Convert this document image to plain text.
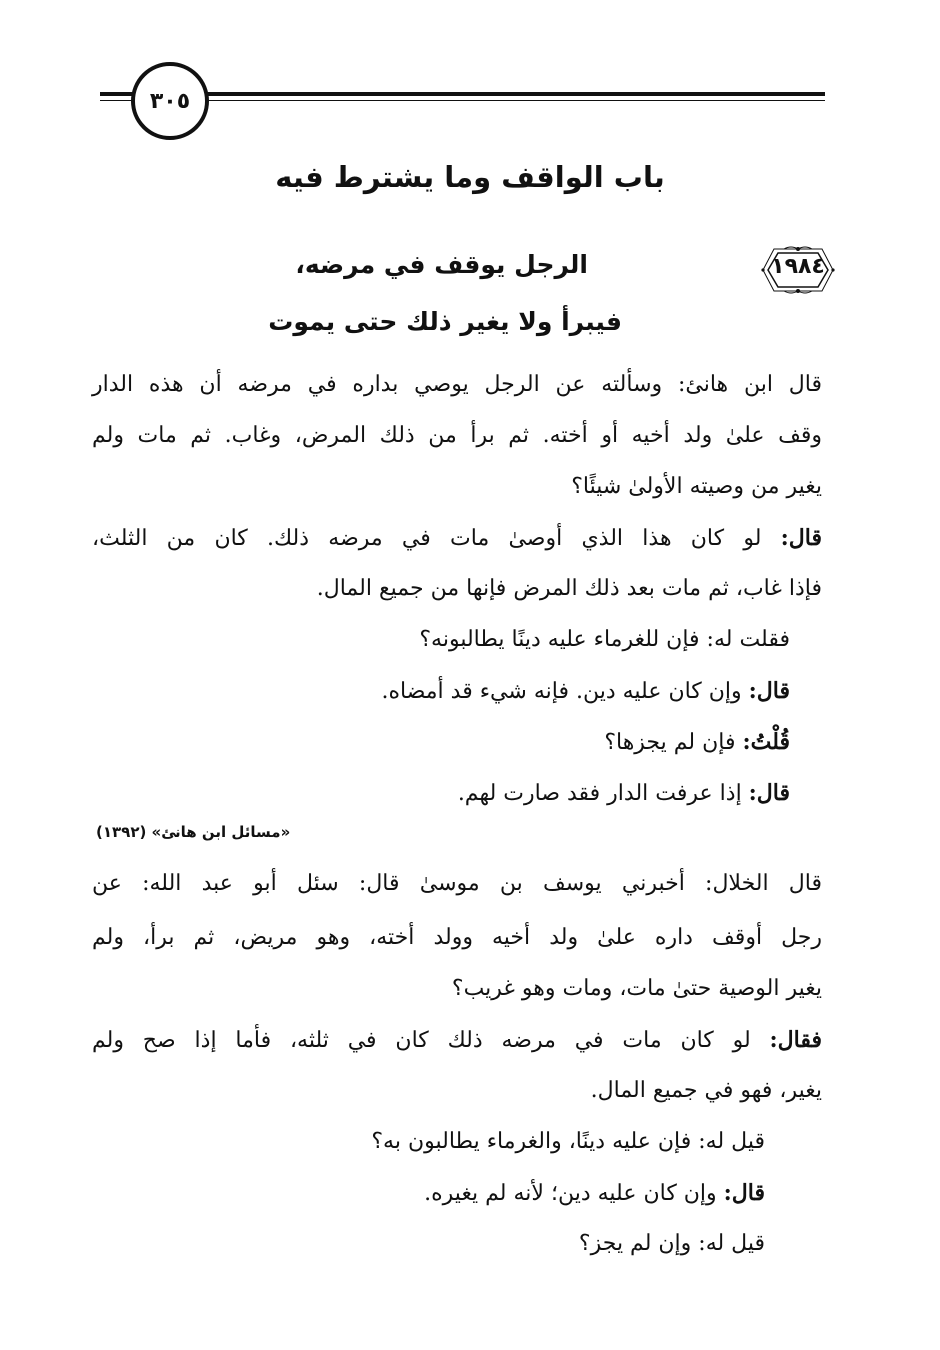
٣٠٥
باب الواقف وما يشترط فيه
١٩٨٤
الرجل يوقف في مرضه،
فيبرأ ولا يغير ذلك حتى يموت
قال ابن هانئ: وسألته عن الرجل يوصي بداره في مرضه أن هذه الدار
وقف علىٰ ولد أخيه أو أخته. ثم برأ من ذلك المرض، وغاب. ثم مات ولم
يغير من وصيته الأولىٰ شيئًا؟
قال: لو كان هذا الذي أوصىٰ مات في مرضه ذلك. كان من الثلث،
فإذا غاب، ثم مات بعد ذلك المرض فإنها من جميع المال.
فقلت له: فإن للغرماء عليه دينًا يطالبونه؟
قال: وإن كان عليه دين. فإنه شيء قد أمضاه.
قُلْتُ: فإن لم يجزها؟
قال: إذا عرفت الدار فقد صارت لهم.
«مسائل ابن هانئ» (١٣٩٢)
قال الخلال: أخبرني يوسف بن موسىٰ قال: سئل أبو عبد الله: عن
رجل أوقف داره علىٰ ولد أخيه وولد أخته، وهو مريض، ثم برأ، ولم
يغير الوصية حتىٰ مات، ومات وهو غريب؟
فقال: لو كان مات في مرضه ذلك كان في ثلثه، فأما إذا صح ولم
يغير، فهو في جميع المال.
قيل له: فإن عليه دينًا، والغرماء يطالبون به؟
قال: وإن كان عليه دين؛ لأنه لم يغيره.
قيل له: وإن لم يجز؟
